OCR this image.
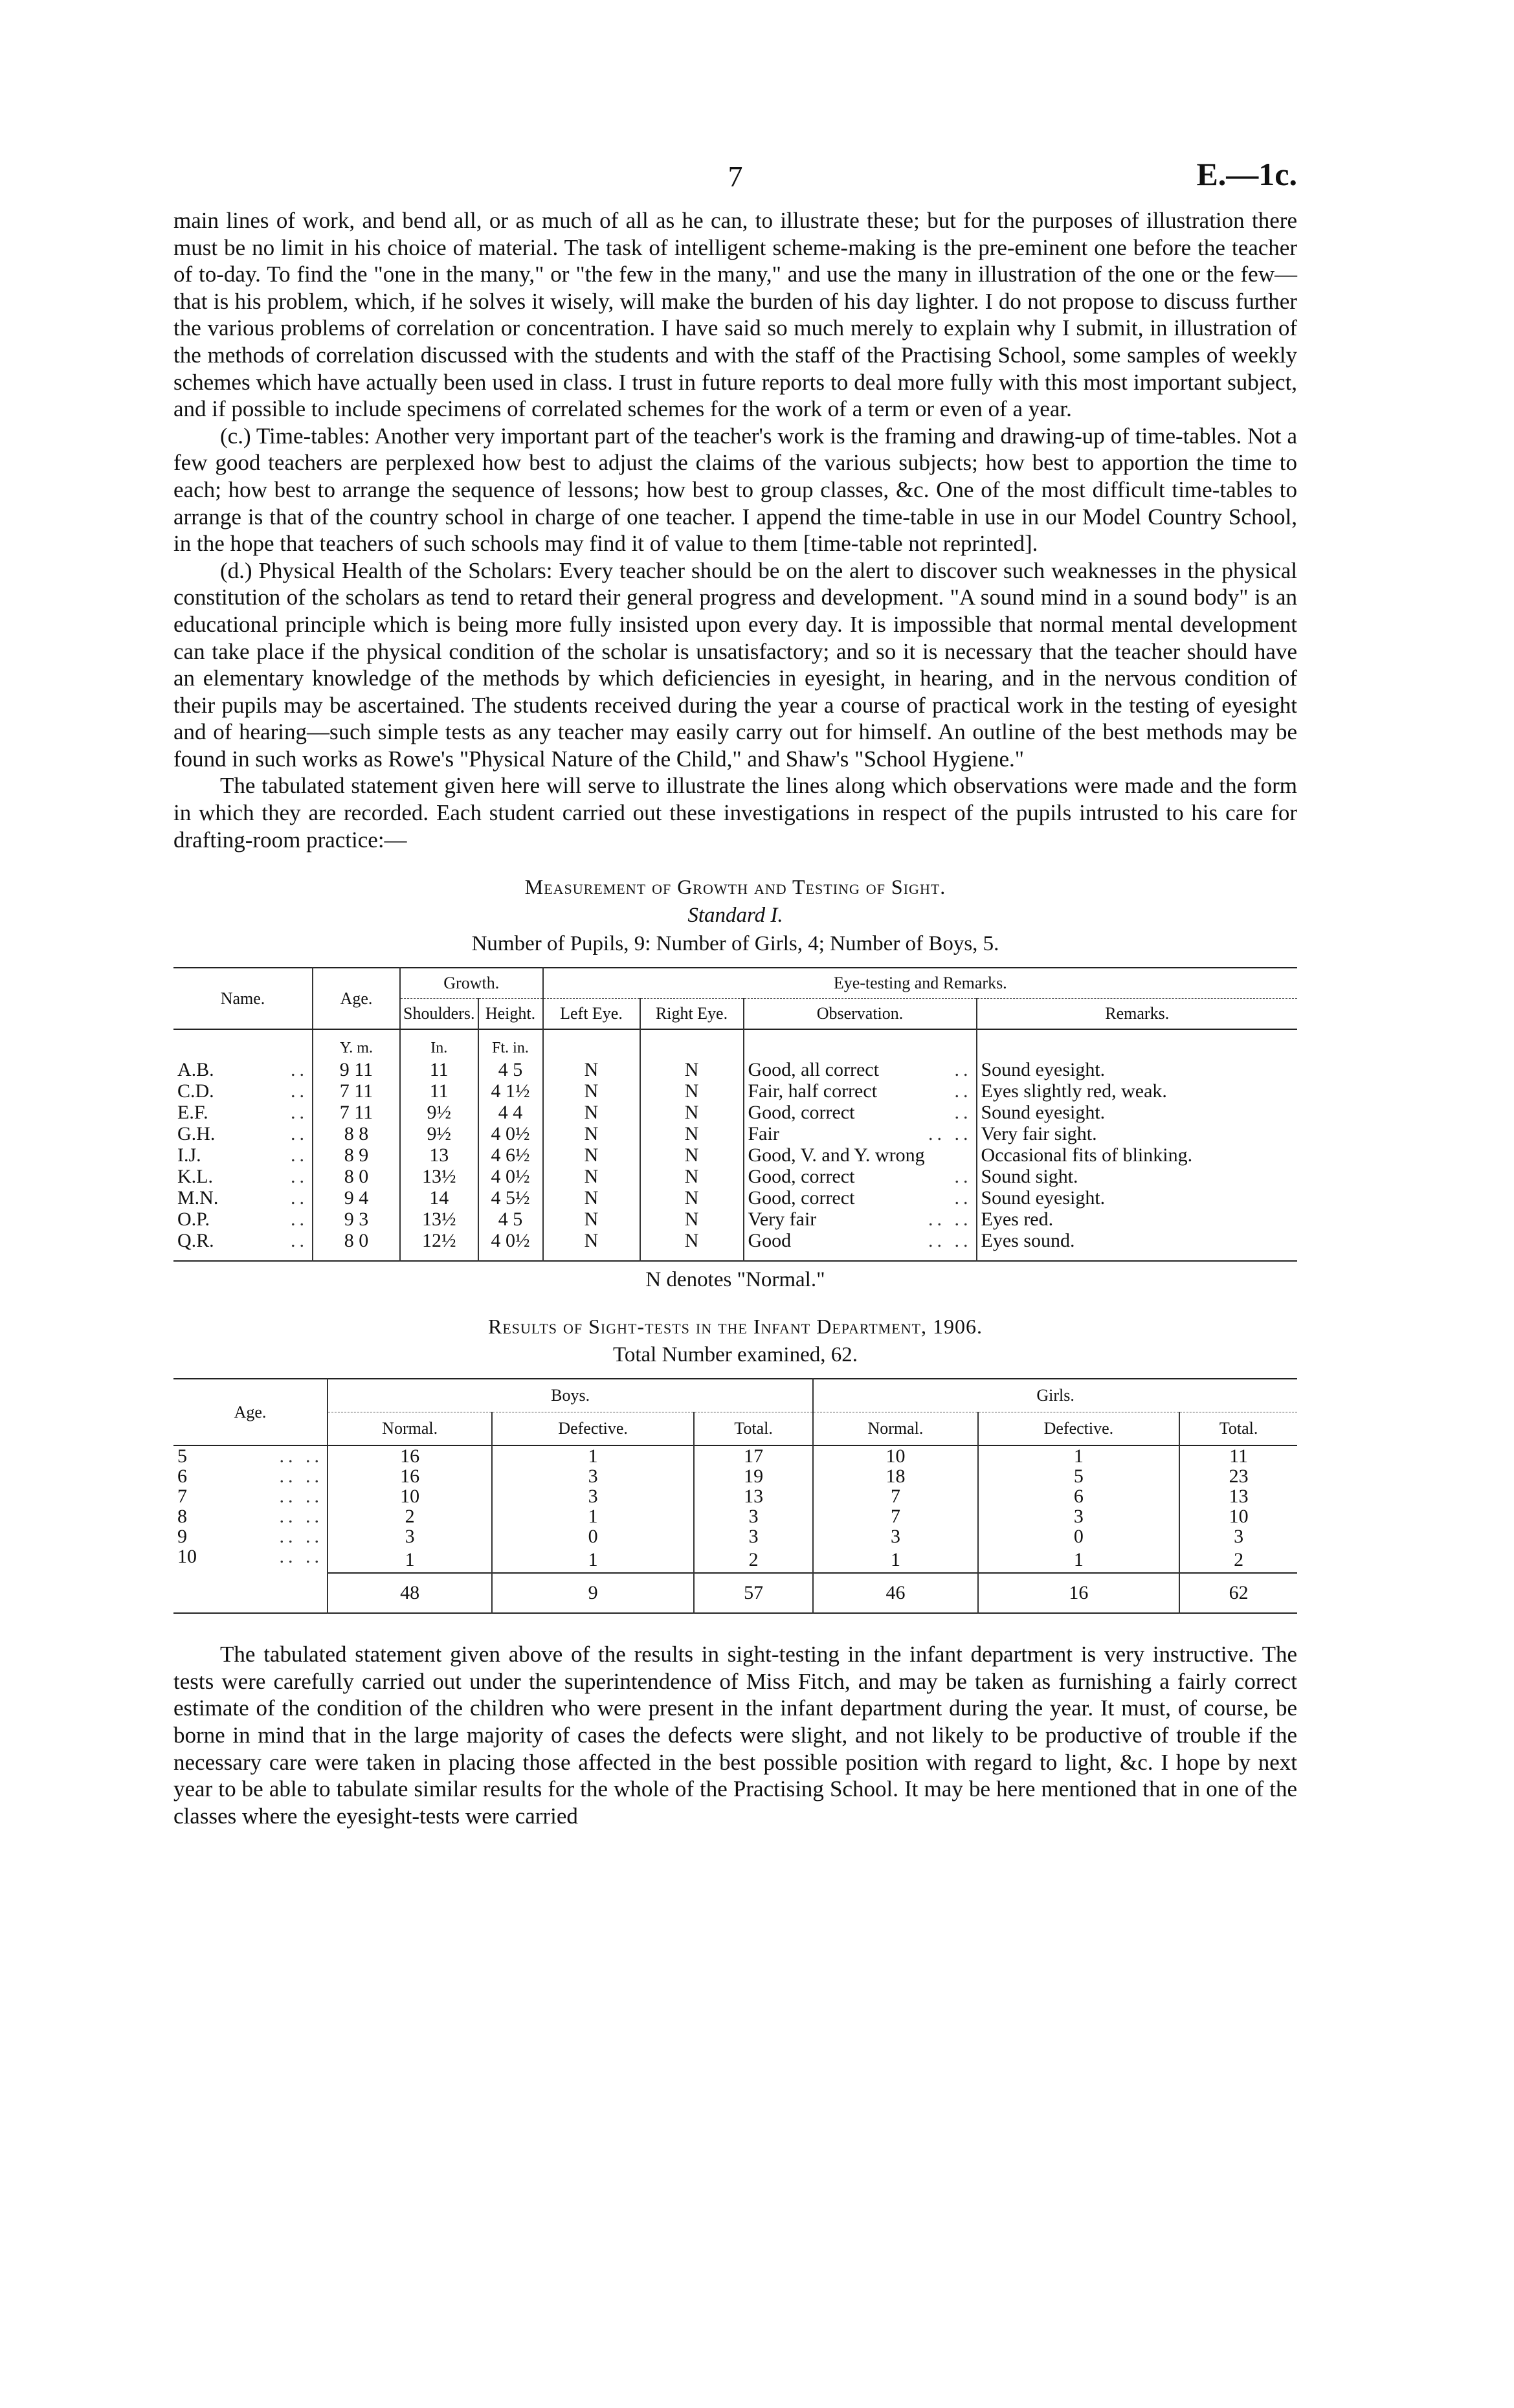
7	E.—1c.

main lines of work, and bend all, or as much of all as he can, to illustrate these; but for the purposes of illustration there must be no limit in his choice of material. The task of intelligent scheme-making is the pre-eminent one before the teacher of to-day. To find the "one in the many," or "the few in the many," and use the many in illustration of the one or the few—that is his problem, which, if he solves it wisely, will make the burden of his day lighter. I do not propose to discuss further the various problems of correlation or concentration. I have said so much merely to explain why I submit, in illustration of the methods of correlation discussed with the students and with the staff of the Practising School, some samples of weekly schemes which have actually been used in class. I trust in future reports to deal more fully with this most important subject, and if possible to include specimens of correlated schemes for the work of a term or even of a year.

(c.) Time-tables: Another very important part of the teacher's work is the framing and drawing-up of time-tables. Not a few good teachers are perplexed how best to adjust the claims of the various subjects; how best to apportion the time to each; how best to arrange the sequence of lessons; how best to group classes, &c. One of the most difficult time-tables to arrange is that of the country school in charge of one teacher. I append the time-table in use in our Model Country School, in the hope that teachers of such schools may find it of value to them [time-table not reprinted].

(d.) Physical Health of the Scholars: Every teacher should be on the alert to discover such weaknesses in the physical constitution of the scholars as tend to retard their general progress and development. "A sound mind in a sound body" is an educational principle which is being more fully insisted upon every day. It is impossible that normal mental development can take place if the physical condition of the scholar is unsatisfactory; and so it is necessary that the teacher should have an elementary knowledge of the methods by which deficiencies in eyesight, in hearing, and in the nervous condition of their pupils may be ascertained. The students received during the year a course of practical work in the testing of eyesight and of hearing—such simple tests as any teacher may easily carry out for himself. An outline of the best methods may be found in such works as Rowe's "Physical Nature of the Child," and Shaw's "School Hygiene."

The tabulated statement given here will serve to illustrate the lines along which observations were made and the form in which they are recorded. Each student carried out these investigations in respect of the pupils intrusted to his care for drafting-room practice:—

Measurement of Growth and Testing of Sight.
Standard I.
Number of Pupils, 9: Number of Girls, 4; Number of Boys, 5.
Name.	Age.	Growth.		Eye-testing and Remarks.			
		Shoulders.	Height.	Left Eye.	Right Eye.	Observation.	Remarks.
	Y. m.	In.	Ft. in.				
A.B. ..	9 11	11	4 5	N	N	Good, all correct ..	Sound eyesight.
C.D. ..	7 11	11	4 1½	N	N	Fair, half correct ..	Eyes slightly red, weak.
E.F. ..	7 11	9½	4 4	N	N	Good, correct ..	Sound eyesight.
G.H. ..	8 8	9½	4 0½	N	N	Fair .. ..	Very fair sight.
I.J. ..	8 9	13	4 6½	N	N	Good, V. and Y. wrong	Occasional fits of blinking.
K.L. ..	8 0	13½	4 0½	N	N	Good, correct ..	Sound sight.
M.N. ..	9 4	14	4 5½	N	N	Good, correct ..	Sound eyesight.
O.P. ..	9 3	13½	4 5	N	N	Very fair .. ..	Eyes red.
Q.R. ..	8 0	12½	4 0½	N	N	Good .. ..	Eyes sound.

N denotes "Normal."
Results of Sight-tests in the Infant Department, 1906.
Total Number examined, 62.
Age.	Boys.			Girls.		
	Normal.	Defective.	Total.	Normal.	Defective.	Total.

5 .. ..	16	1	17	10	1	11
6 .. ..	16	3	19	18	5	23
7 .. ..	10	3	13	7	6	13
8 .. ..	2	1	3	7	3	10
9 .. ..	3	0	3	3	0	3
10 .. ..	1	1	2	1	1	2
	48	9	57	46	16	62

The tabulated statement given above of the results in sight-testing in the infant department is very instructive. The tests were carefully carried out under the superintendence of Miss Fitch, and may be taken as furnishing a fairly correct estimate of the condition of the children who were present in the infant department during the year. It must, of course, be borne in mind that in the large majority of cases the defects were slight, and not likely to be productive of trouble if the necessary care were taken in placing those affected in the best possible position with regard to light, &c. I hope by next year to be able to tabulate similar results for the whole of the Practising School. It may be here mentioned that in one of the classes where the eyesight-tests were carried
